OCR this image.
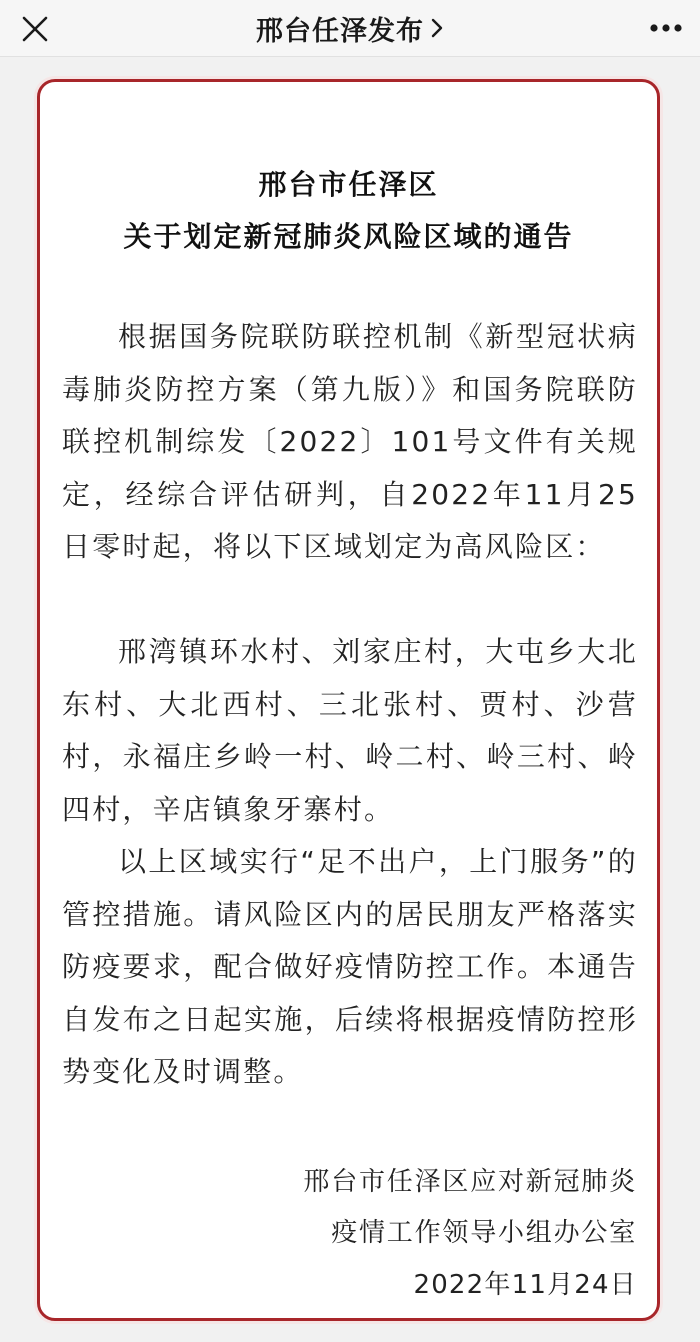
邢台任泽发布
邢台市任泽区
关于划定新冠肺炎风险区域的通告

根据国务院联防联控机制《新型冠状病毒肺炎防控方案（第九版）》和国务院联防联控机制综发〔2022〕101号文件有关规定，经综合评估研判，自2022年11月25日零时起，将以下区域划定为高风险区：

邢湾镇环水村、刘家庄村，大屯乡大北东村、大北西村、三北张村、贾村、沙营村，永福庄乡岭一村、岭二村、岭三村、岭四村，辛店镇象牙寨村。

以上区域实行“足不出户，上门服务”的管控措施。请风险区内的居民朋友严格落实防疫要求，配合做好疫情防控工作。本通告自发布之日起实施，后续将根据疫情防控形势变化及时调整。

邢台市任泽区应对新冠肺炎
疫情工作领导小组办公室
2022年11月24日
